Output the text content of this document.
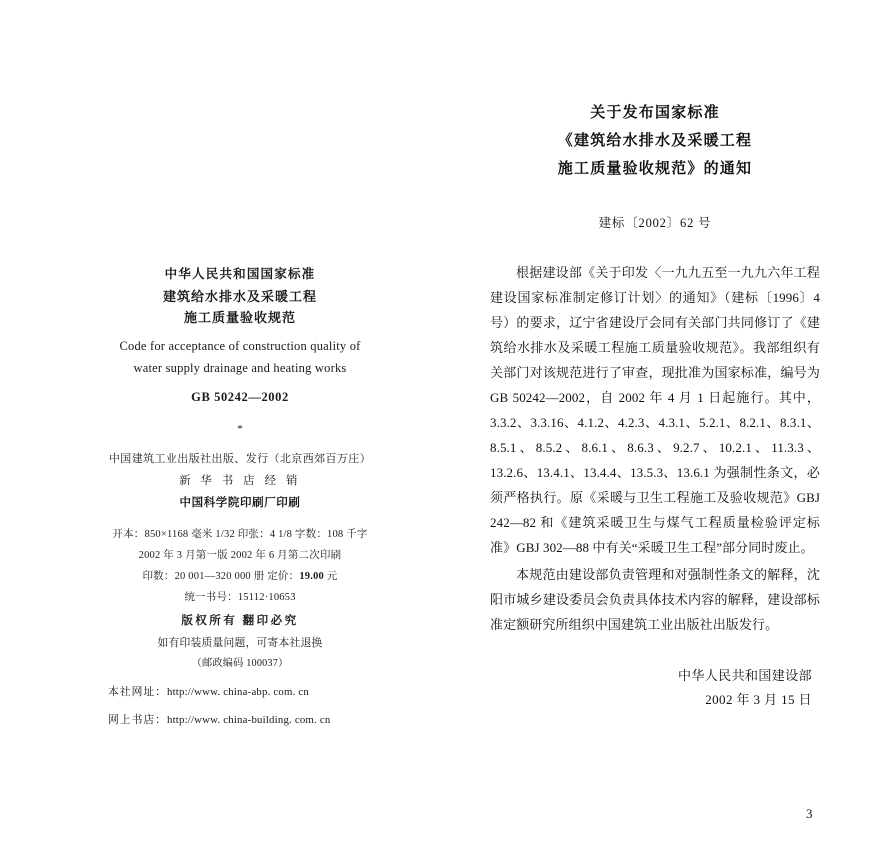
中华人民共和国国家标准
建筑给水排水及采暖工程
施工质量验收规范
Code for acceptance of construction quality of
water supply drainage and heating works
GB 50242—2002
*
中国建筑工业出版社出版、发行（北京西郊百万庄）
新 华 书 店 经 销
中国科学院印刷厂印刷
开本：850×1168 毫米 1/32 印张：4 1/8 字数：108 千字
2002 年 3 月第一版 2002 年 6 月第二次印刷
印数：20 001—320 000 册 定价：19.00 元
统一书号：15112·10653
版权所有 翻印必究
如有印装质量问题，可寄本社退换
（邮政编码 100037）
本社网址：http://www. china-abp. com. cn
网上书店：http://www. china-building. com. cn
关于发布国家标准
《建筑给水排水及采暖工程
施工质量验收规范》的通知
建标〔2002〕62 号

根据建设部《关于印发〈一九九五至一九九六年工程建设国家标准制定修订计划〉的通知》（建标〔1996〕4 号）的要求，辽宁省建设厅会同有关部门共同修订了《建筑给水排水及采暖工程施工质量验收规范》。我部组织有关部门对该规范进行了审查，现批准为国家标准，编号为 GB 50242—2002，自 2002 年 4 月 1 日起施行。其中，3.3.2、3.3.16、4.1.2、4.2.3、4.3.1、5.2.1、8.2.1、8.3.1、8.5.1、8.5.2、8.6.1、8.6.3、9.2.7、10.2.1、11.3.3、13.2.6、13.4.1、13.4.4、13.5.3、13.6.1 为强制性条文，必须严格执行。原《采暖与卫生工程施工及验收规范》GBJ 242—82 和《建筑采暖卫生与煤气工程质量检验评定标准》GBJ 302—88 中有关“采暖卫生工程”部分同时废止。

本规范由建设部负责管理和对强制性条文的解释，沈阳市城乡建设委员会负责具体技术内容的解释，建设部标准定额研究所组织中国建筑工业出版社出版发行。

中华人民共和国建设部
2002 年 3 月 15 日
3
